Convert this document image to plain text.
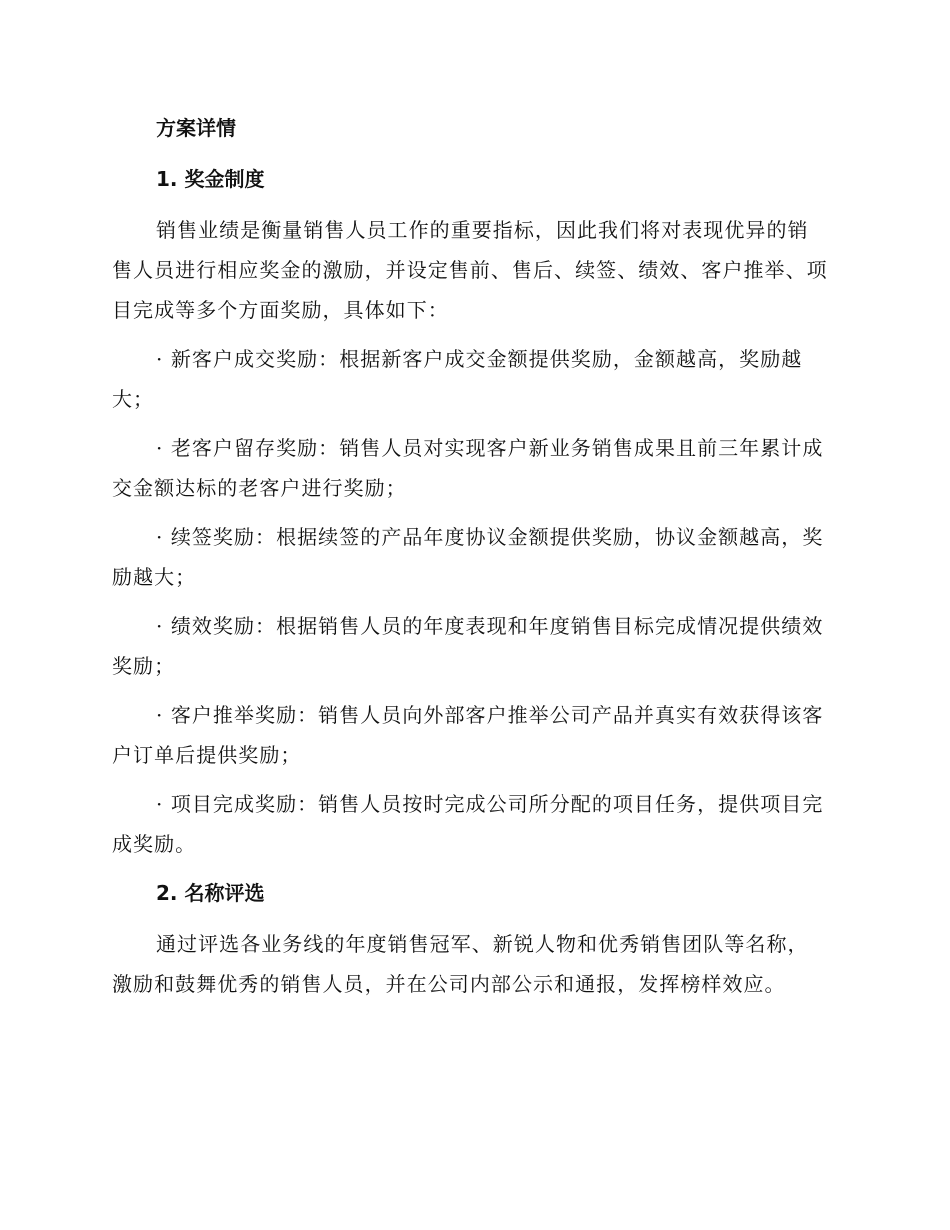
方案详情
1. 奖金制度

销售业绩是衡量销售人员工作的重要指标，因此我们将对表现优异的销售人员进行相应奖金的激励，并设定售前、售后、续签、绩效、客户推举、项目完成等多个方面奖励，具体如下：

· 新客户成交奖励：根据新客户成交金额提供奖励，金额越高，奖励越大；

· 老客户留存奖励：销售人员对实现客户新业务销售成果且前三年累计成交金额达标的老客户进行奖励；

· 续签奖励：根据续签的产品年度协议金额提供奖励，协议金额越高，奖励越大；

· 绩效奖励：根据销售人员的年度表现和年度销售目标完成情况提供绩效奖励；

· 客户推举奖励：销售人员向外部客户推举公司产品并真实有效获得该客户订单后提供奖励；

· 项目完成奖励：销售人员按时完成公司所分配的项目任务，提供项目完成奖励。

2. 名称评选

通过评选各业务线的年度销售冠军、新锐人物和优秀销售团队等名称，激励和鼓舞优秀的销售人员，并在公司内部公示和通报，发挥榜样效应。
